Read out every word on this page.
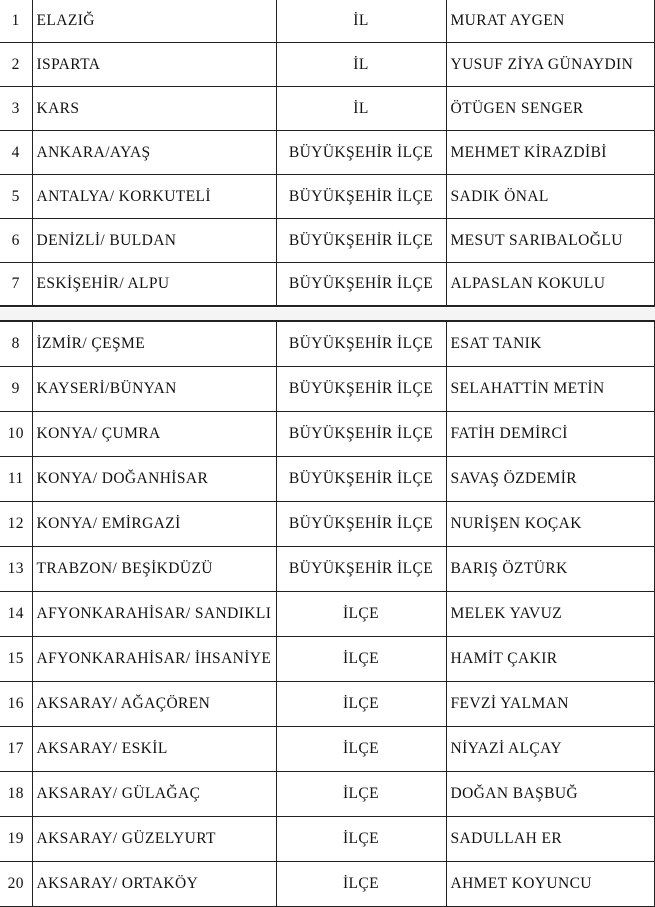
1	ELAZIĞ	İL	MURAT AYGEN
2	ISPARTA	İL	YUSUF ZİYA GÜNAYDIN
3	KARS	İL	ÖTÜGEN SENGER
4	ANKARA/AYAŞ	BÜYÜKŞEHİR İLÇE	MEHMET KİRAZDİBİ
5	ANTALYA/ KORKUTELİ	BÜYÜKŞEHİR İLÇE	SADIK ÖNAL
6	DENİZLİ/ BULDAN	BÜYÜKŞEHİR İLÇE	MESUT SARIBALOĞLU
7	ESKİŞEHİR/ ALPU	BÜYÜKŞEHİR İLÇE	ALPASLAN KOKULU
8	İZMİR/ ÇEŞME	BÜYÜKŞEHİR İLÇE	ESAT TANIK
9	KAYSERİ/BÜNYAN	BÜYÜKŞEHİR İLÇE	SELAHATTİN METİN
10	KONYA/ ÇUMRA	BÜYÜKŞEHİR İLÇE	FATİH DEMİRCİ
11	KONYA/ DOĞANHİSAR	BÜYÜKŞEHİR İLÇE	SAVAŞ ÖZDEMİR
12	KONYA/ EMİRGAZİ	BÜYÜKŞEHİR İLÇE	NURİŞEN KOÇAK
13	TRABZON/ BEŞİKDÜZÜ	BÜYÜKŞEHİR İLÇE	BARIŞ ÖZTÜRK
14	AFYONKARAHİSAR/ SANDIKLI	İLÇE	MELEK YAVUZ
15	AFYONKARAHİSAR/ İHSANİYE	İLÇE	HAMİT ÇAKIR
16	AKSARAY/ AĞAÇÖREN	İLÇE	FEVZİ YALMAN
17	AKSARAY/ ESKİL	İLÇE	NİYAZİ ALÇAY
18	AKSARAY/ GÜLAĞAÇ	İLÇE	DOĞAN BAŞBUĞ
19	AKSARAY/ GÜZELYURT	İLÇE	SADULLAH ER
20	AKSARAY/ ORTAKÖY	İLÇE	AHMET KOYUNCU
